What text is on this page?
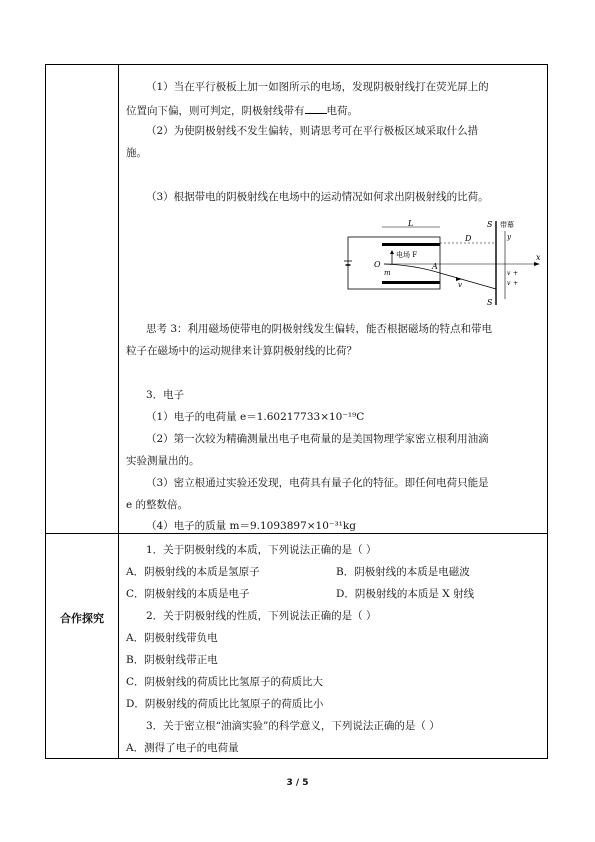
（1）当在平行极板上加一如图所示的电场，发现阴极射线打在荧光屏上的
位置向下偏，则可判定，阴极射线带有 电荷。
（2）为使阴极射线不发生偏转，则请思考可在平行极板区域采取什么措
施。
（3）根据带电的阴极射线在电场中的运动情况如何求出阴极射线的比荷。
L
D
S
S
带幕
y
x
O
电场 F
m
A
v
v +
v +
思考 3：利用磁场使带电的阴极射线发生偏转，能否根据磁场的特点和带电
粒子在磁场中的运动规律来计算阴极射线的比荷？
3．电子
（1）电子的电荷量 e＝1.60217733×10⁻¹⁹C
（2）第一次较为精确测量出电子电荷量的是美国物理学家密立根利用油滴
实验测量出的。
（3）密立根通过实验还发现，电荷具有量子化的特征。即任何电荷只能是
e 的整数倍。
（4）电子的质量 m＝9.1093897×10⁻³¹kg
合作探究
1．关于阴极射线的本质，下列说法正确的是（ ）
A．阴极射线的本质是氢原子	B．阴极射线的本质是电磁波
C．阴极射线的本质是电子	D．阴极射线的本质是 X 射线
2．关于阴极射线的性质，下列说法正确的是（ ）
A．阴极射线带负电
B．阴极射线带正电
C．阴极射线的荷质比比氢原子的荷质比大
D．阴极射线的荷质比比氢原子的荷质比小
3．关于密立根“油滴实验”的科学意义，下列说法正确的是（ ）
A．测得了电子的电荷量
3 / 5
